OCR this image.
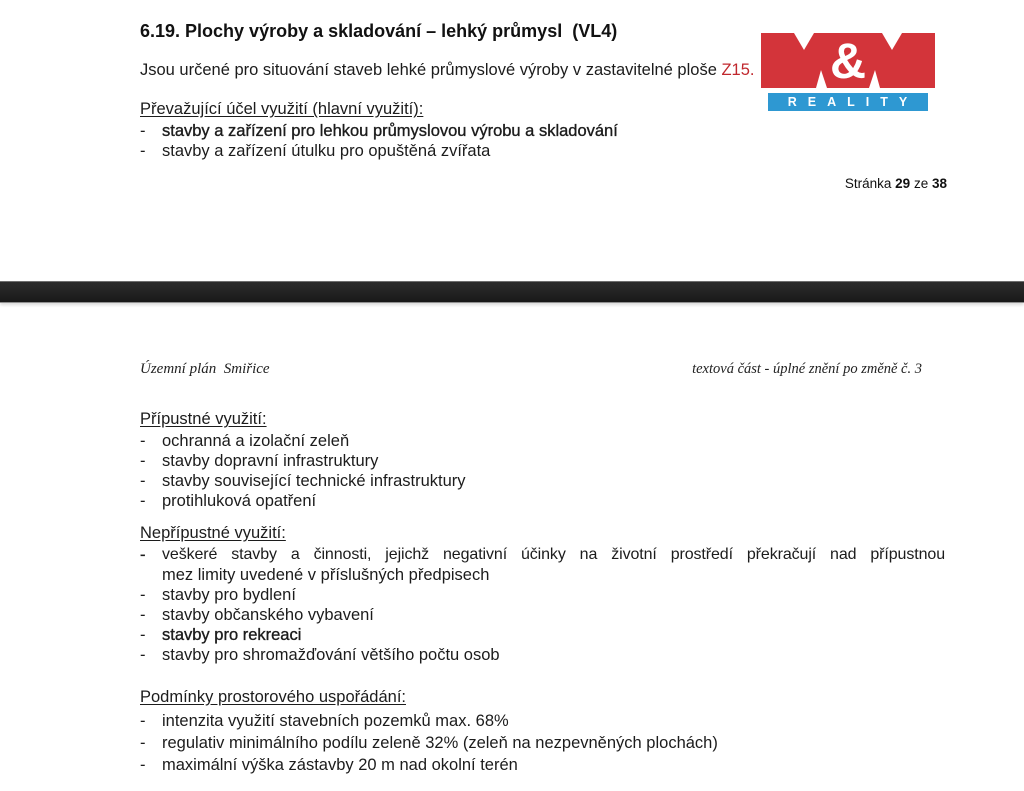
6.19. Plochy výroby a skladování – lehký průmysl  (VL4)

Jsou určené pro situování staveb lehké průmyslové výroby v zastavitelné ploše Z15. &
REALITY
Převažující účel využití (hlavní využití):
-	stavby a zařízení pro lehkou průmyslovou výrobu a skladování
-	stavby a zařízení útulku pro opuštěná zvířata
Stránka 29 ze 38
Územní plán  Smiřice	textová část - úplné znění po změně č. 3
Přípustné využití:
-	ochranná a izolační zeleň
-	stavby dopravní infrastruktury
-	stavby související technické infrastruktury
-	protihluková opatření
Nepřípustné využití:
-	veškeré stavby a činnosti, jejichž negativní účinky na životní prostředí překračují nad přípustnou
mez limity uvedené v příslušných předpisech
-	stavby pro bydlení
-	stavby občanského vybavení
-	stavby pro rekreaci
-	stavby pro shromažďování většího počtu osob
Podmínky prostorového uspořádání:
-	intenzita využití stavebních pozemků max. 68%
-	regulativ minimálního podílu zeleně 32% (zeleň na nezpevněných plochách)
-	maximální výška zástavby 20 m nad okolní terén
